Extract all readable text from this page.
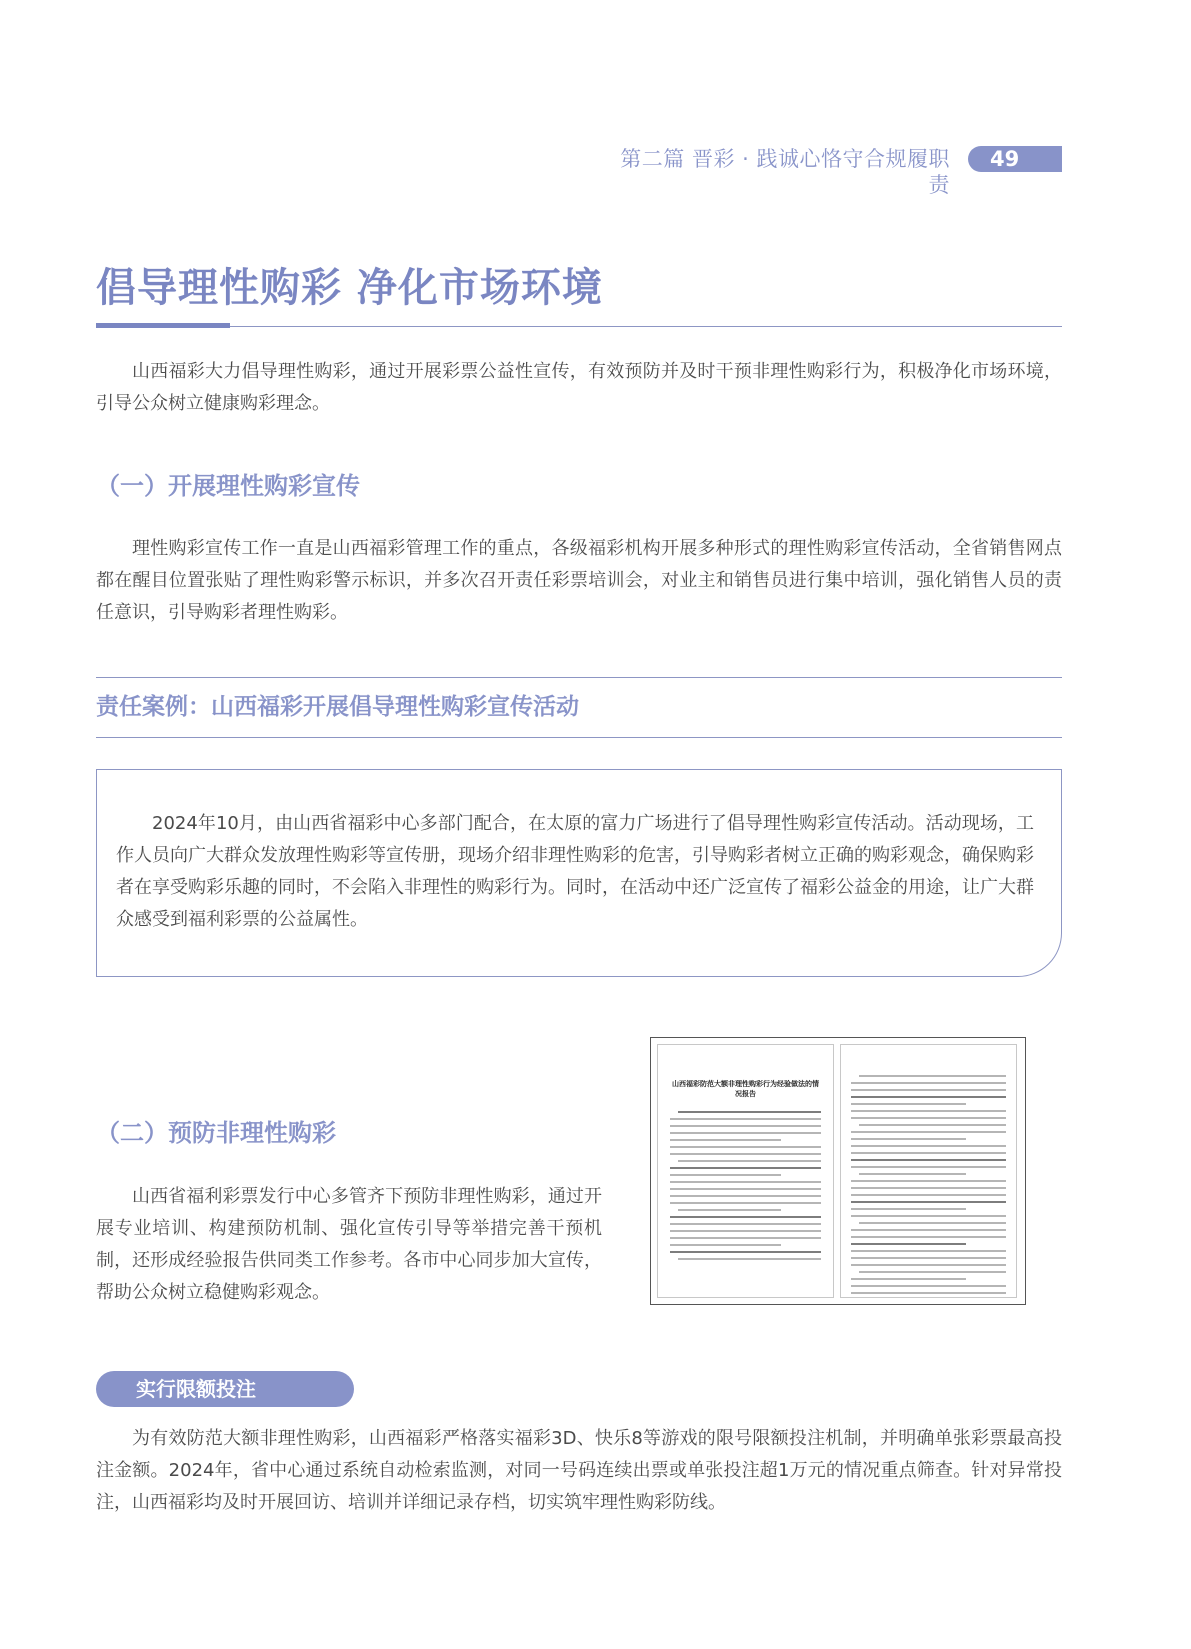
第二篇 晋彩 · 践诚心恪守合规履职责
49
倡导理性购彩 净化市场环境

山西福彩大力倡导理性购彩，通过开展彩票公益性宣传，有效预防并及时干预非理性购彩行为，积极净化市场环境，引导公众树立健康购彩理念。

（一）开展理性购彩宣传

理性购彩宣传工作一直是山西福彩管理工作的重点，各级福彩机构开展多种形式的理性购彩宣传活动，全省销售网点都在醒目位置张贴了理性购彩警示标识，并多次召开责任彩票培训会，对业主和销售员进行集中培训，强化销售人员的责任意识，引导购彩者理性购彩。

责任案例：山西福彩开展倡导理性购彩宣传活动

2024年10月，由山西省福彩中心多部门配合，在太原的富力广场进行了倡导理性购彩宣传活动。活动现场，工作人员向广大群众发放理性购彩等宣传册，现场介绍非理性购彩的危害，引导购彩者树立正确的购彩观念，确保购彩者在享受购彩乐趣的同时，不会陷入非理性的购彩行为。同时，在活动中还广泛宣传了福彩公益金的用途，让广大群众感受到福利彩票的公益属性。

（二）预防非理性购彩

山西省福利彩票发行中心多管齐下预防非理性购彩，通过开展专业培训、构建预防机制、强化宣传引导等举措完善干预机制，还形成经验报告供同类工作参考。各市中心同步加大宣传，帮助公众树立稳健购彩观念。

山西福彩防范大额非理性购彩行为经验做法的情况报告
实行限额投注

为有效防范大额非理性购彩，山西福彩严格落实福彩3D、快乐8等游戏的限号限额投注机制，并明确单张彩票最高投注金额。2024年，省中心通过系统自动检索监测，对同一号码连续出票或单张投注超1万元的情况重点筛查。针对异常投注，山西福彩均及时开展回访、培训并详细记录存档，切实筑牢理性购彩防线。
